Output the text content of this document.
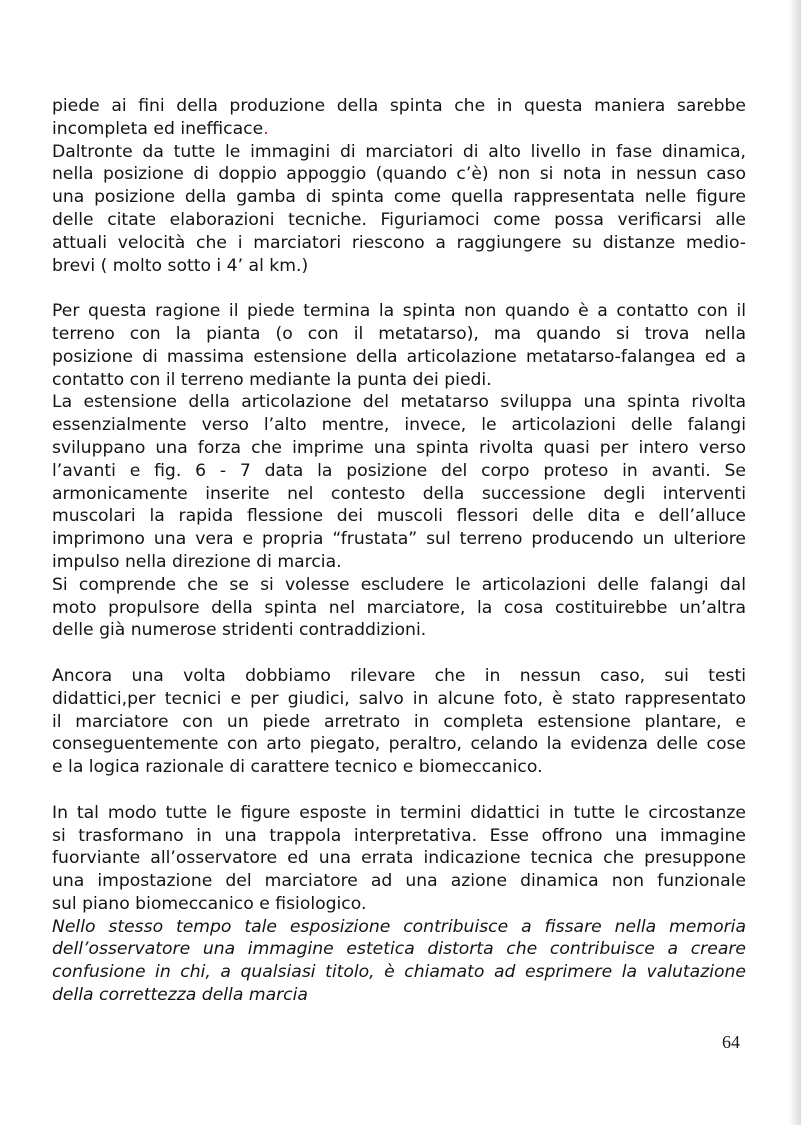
piede ai fini della produzione della spinta che in questa maniera sarebbe
incompleta ed inefficace.

Daltronte da tutte le immagini di marciatori di alto livello in fase dinamica,
nella posizione di doppio appoggio (quando c’è) non si nota in nessun caso
una posizione della gamba di spinta come quella rappresentata nelle figure
delle citate elaborazioni tecniche. Figuriamoci come possa verificarsi alle
attuali velocità che i marciatori riescono a raggiungere su distanze medio-
brevi ( molto sotto i 4’ al km.)

Per questa ragione il piede termina la spinta non quando è a contatto con il
terreno con la pianta (o con il metatarso), ma quando si trova nella
posizione di massima estensione della articolazione metatarso-falangea ed a
contatto con il terreno mediante la punta dei piedi.

La estensione della articolazione del metatarso sviluppa una spinta rivolta
essenzialmente verso l’alto mentre, invece, le articolazioni delle falangi
sviluppano una forza che imprime una spinta rivolta quasi per intero verso
l’avanti e fig. 6 - 7 data la posizione del corpo proteso in avanti. Se
armonicamente inserite nel contesto della successione degli interventi
muscolari la rapida flessione dei muscoli flessori delle dita e dell’alluce
imprimono una vera e propria “frustata” sul terreno producendo un ulteriore
impulso nella direzione di marcia.

Si comprende che se si volesse escludere le articolazioni delle falangi dal
moto propulsore della spinta nel marciatore, la cosa costituirebbe un’altra
delle già numerose stridenti contraddizioni.

Ancora una volta dobbiamo rilevare che in nessun caso, sui testi
didattici,per tecnici e per giudici, salvo in alcune foto, è stato rappresentato
il marciatore con un piede arretrato in completa estensione plantare, e
conseguentemente con arto piegato, peraltro, celando la evidenza delle cose
e la logica razionale di carattere tecnico e biomeccanico.

In tal modo tutte le figure esposte in termini didattici in tutte le circostanze
si trasformano in una trappola interpretativa. Esse offrono una immagine
fuorviante all’osservatore ed una errata indicazione tecnica che presuppone
una impostazione del marciatore ad una azione dinamica non funzionale
sul piano biomeccanico e fisiologico.

Nello stesso tempo tale esposizione contribuisce a fissare nella memoria
dell’osservatore una immagine estetica distorta che contribuisce a creare
confusione in chi, a qualsiasi titolo, è chiamato ad esprimere la valutazione
della correttezza della marcia

64
